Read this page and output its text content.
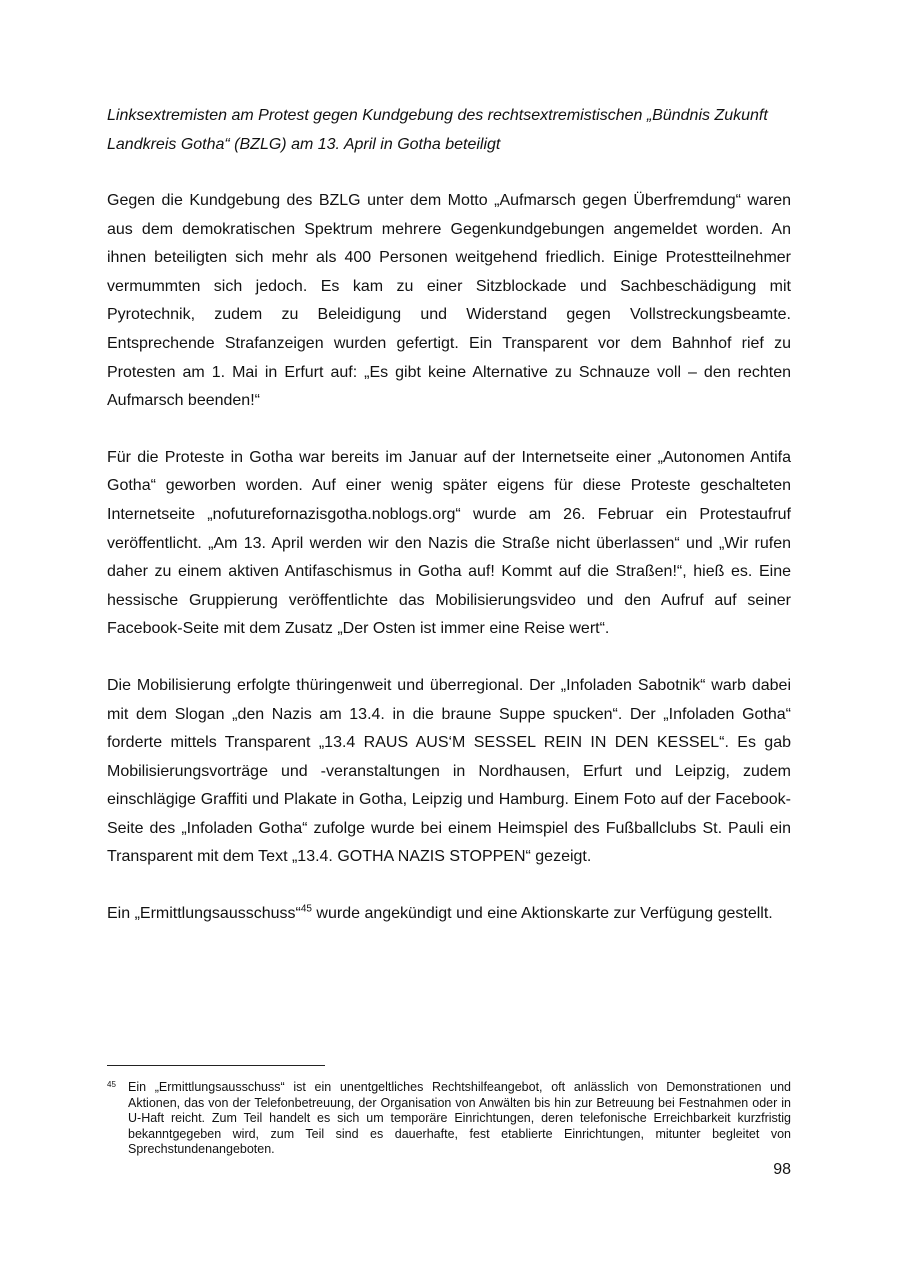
Linksextremisten am Protest gegen Kundgebung des rechtsextremistischen „Bündnis Zukunft Landkreis Gotha“ (BZLG) am 13. April in Gotha beteiligt

Gegen die Kundgebung des BZLG unter dem Motto „Aufmarsch gegen Überfremdung“ waren aus dem demokratischen Spektrum mehrere Gegenkundgebungen angemeldet worden. An ihnen beteiligten sich mehr als 400 Personen weitgehend friedlich. Einige Protestteilnehmer vermummten sich jedoch. Es kam zu einer Sitzblockade und Sachbeschädigung mit Pyrotechnik, zudem zu Beleidigung und Widerstand gegen Vollstreckungsbeamte. Entsprechende Strafanzeigen wurden gefertigt. Ein Transparent vor dem Bahnhof rief zu Protesten am 1. Mai in Erfurt auf: „Es gibt keine Alternative zu Schnauze voll – den rechten Aufmarsch beenden!“

Für die Proteste in Gotha war bereits im Januar auf der Internetseite einer „Autonomen Antifa Gotha“ geworben worden. Auf einer wenig später eigens für diese Proteste geschalteten Internetseite „nofuturefornazisgotha.noblogs.org“ wurde am 26. Februar ein Protestaufruf veröffentlicht. „Am 13. April werden wir den Nazis die Straße nicht überlassen“ und „Wir rufen daher zu einem aktiven Antifaschismus in Gotha auf! Kommt auf die Straßen!“, hieß es. Eine hessische Gruppierung veröffentlichte das Mobilisierungsvideo und den Aufruf auf seiner Facebook-Seite mit dem Zusatz „Der Osten ist immer eine Reise wert“.

Die Mobilisierung erfolgte thüringenweit und überregional. Der „Infoladen Sabotnik“ warb dabei mit dem Slogan „den Nazis am 13.4. in die braune Suppe spucken“. Der „Infoladen Gotha“ forderte mittels Transparent „13.4 RAUS AUS‘M SESSEL REIN IN DEN KESSEL“. Es gab Mobilisierungsvorträge und -veranstaltungen in Nordhausen, Erfurt und Leipzig, zudem einschlägige Graffiti und Plakate in Gotha, Leipzig und Hamburg. Einem Foto auf der Facebook-Seite des „Infoladen Gotha“ zufolge wurde bei einem Heimspiel des Fußballclubs St. Pauli ein Transparent mit dem Text „13.4. GOTHA NAZIS STOPPEN“ gezeigt.

Ein „Ermittlungsausschuss“$^{45}$ wurde angekündigt und eine Aktionskarte zur Verfügung gestellt.

45 Ein „Ermittlungsausschuss“ ist ein unentgeltliches Rechtshilfeangebot, oft anlässlich von Demonstrationen und Aktionen, das von der Telefonbetreuung, der Organisation von Anwälten bis hin zur Betreuung bei Festnahmen oder in U-Haft reicht. Zum Teil handelt es sich um temporäre Einrichtungen, deren telefonische Erreichbarkeit kurzfristig bekanntgegeben wird, zum Teil sind es dauerhafte, fest etablierte Einrichtungen, mitunter begleitet von Sprechstundenangeboten.
98
